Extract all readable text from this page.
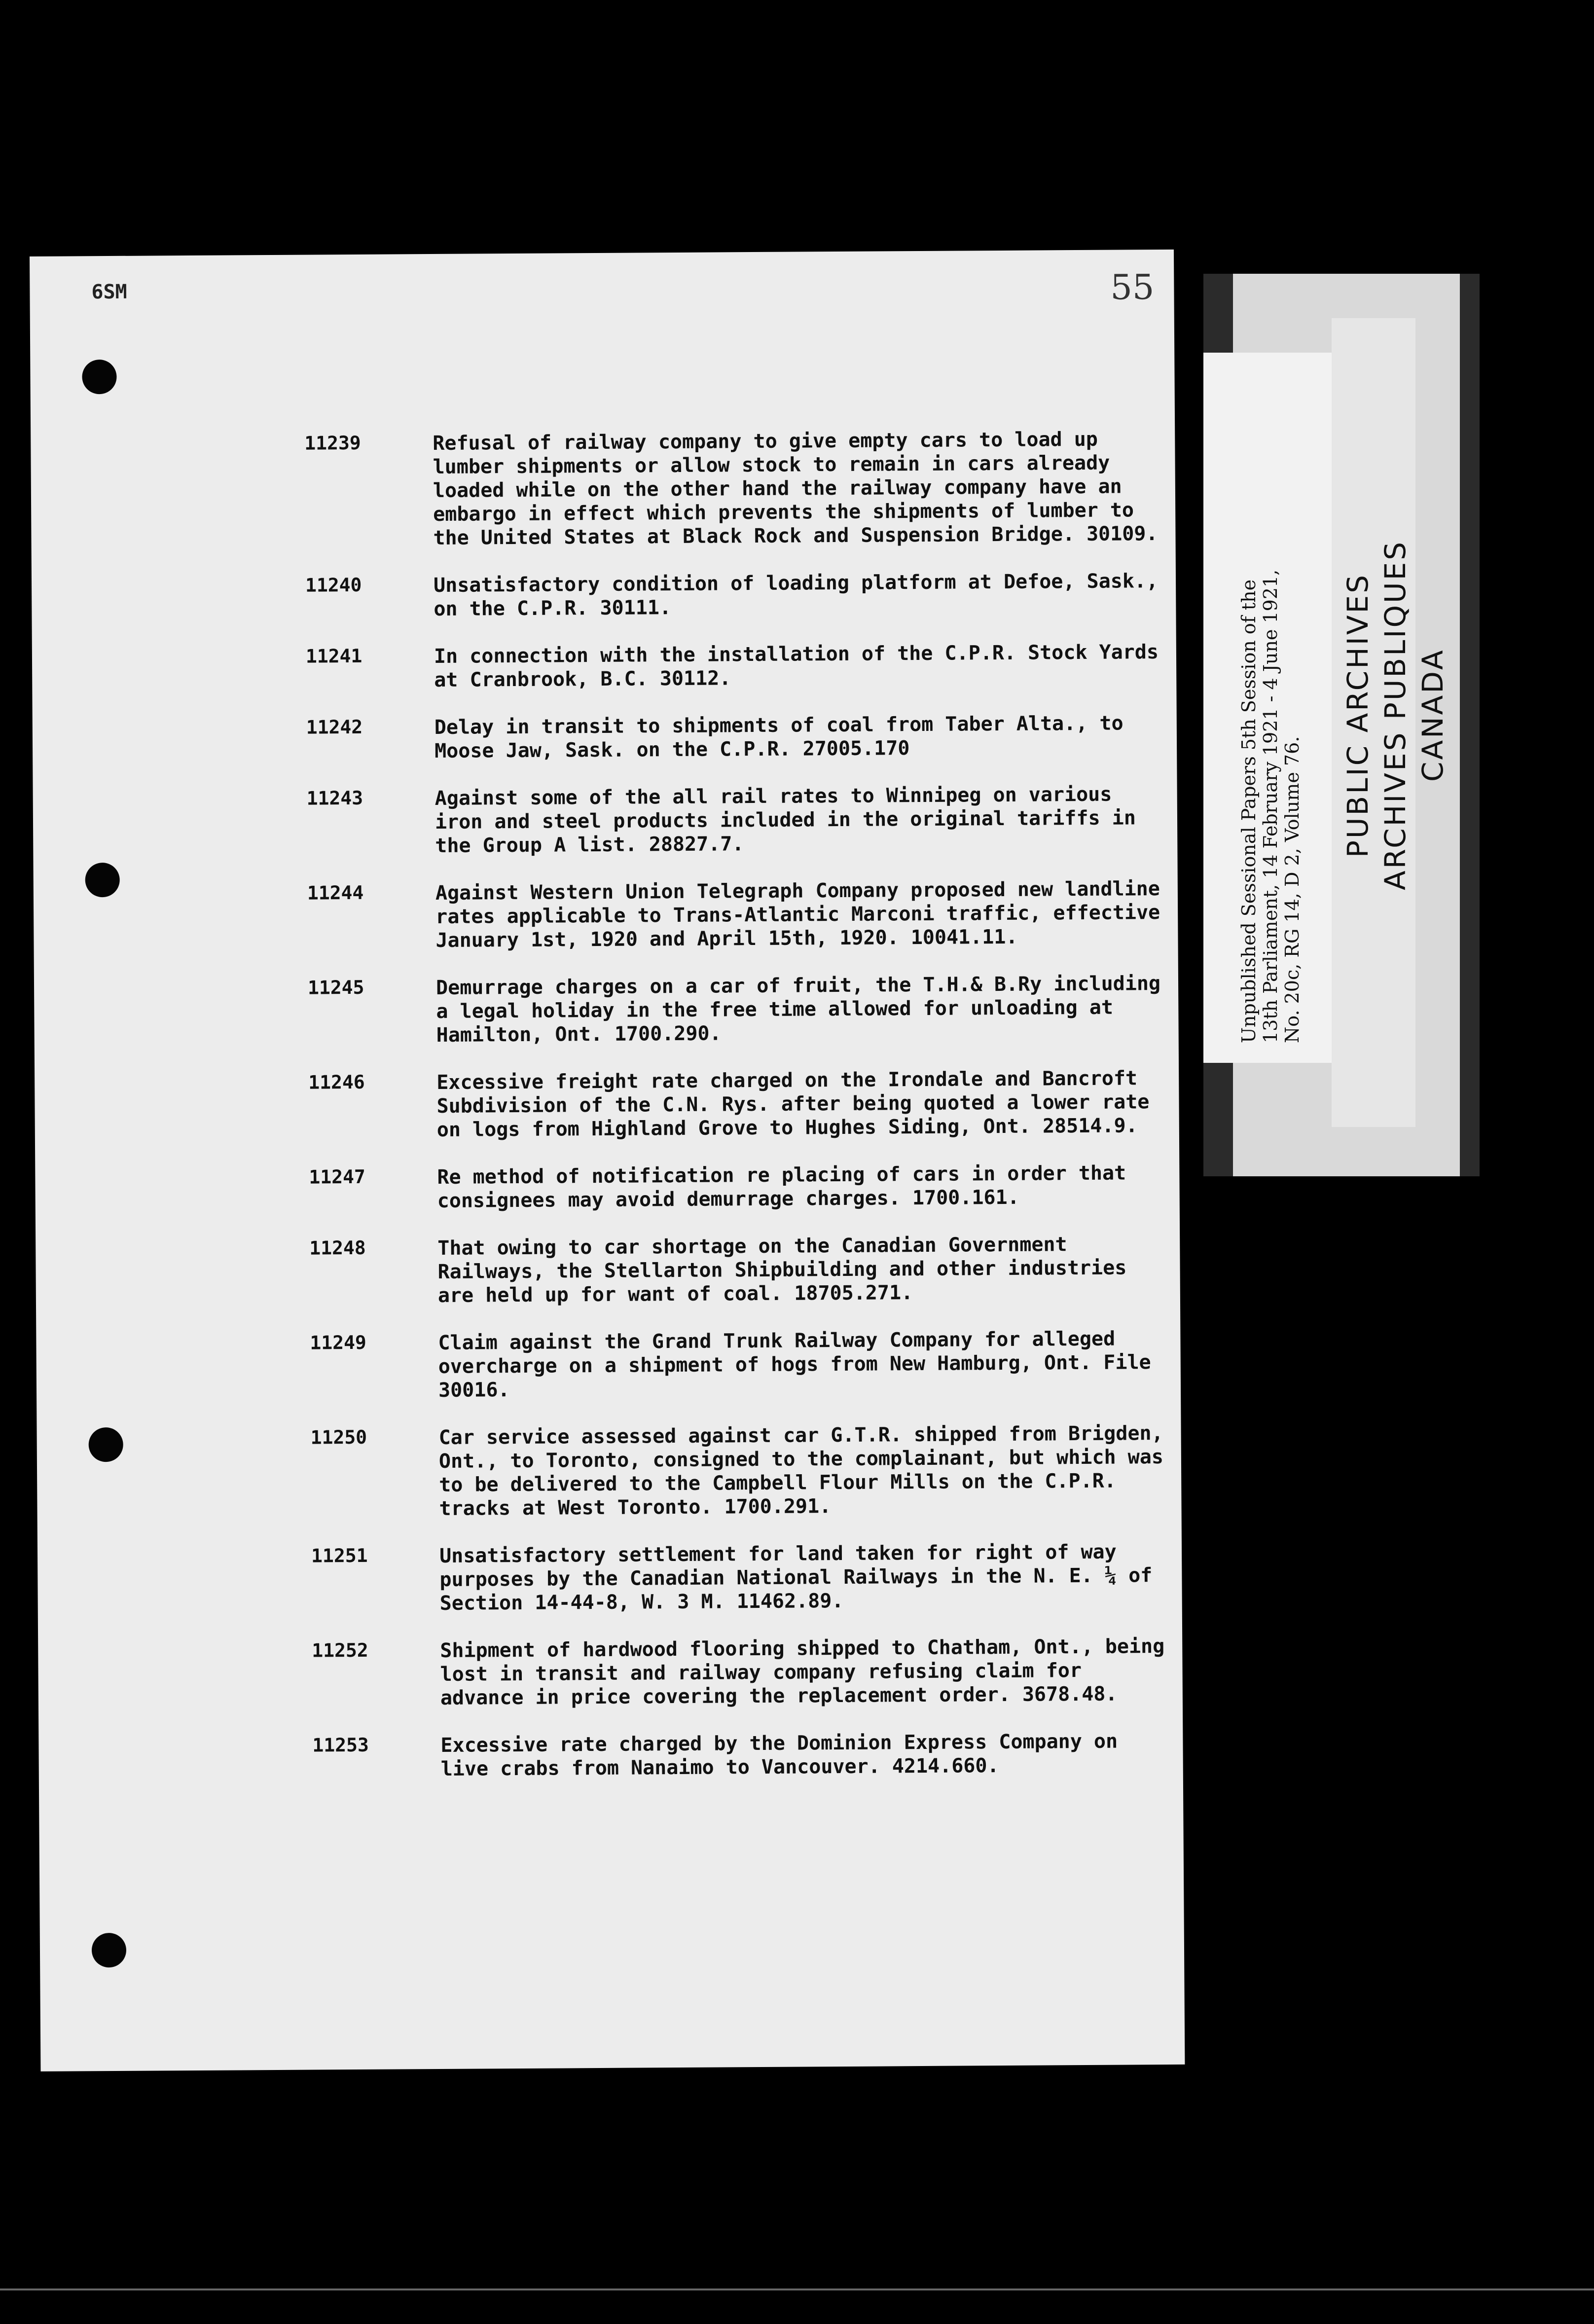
6SM	55
11239	Refusal of railway company to give empty cars to load up lumber shipments or allow stock to remain in cars already loaded while on the other hand the railway company have an embargo in effect which prevents the shipments of lumber to the United States at Black Rock and Suspension Bridge. 30109.
11240	Unsatisfactory condition of loading platform at Defoe, Sask., on the C.P.R. 30111.
11241	In connection with the installation of the C.P.R. Stock Yards at Cranbrook, B.C. 30112.
11242	Delay in transit to shipments of coal from Taber Alta., to Moose Jaw, Sask. on the C.P.R. 27005.170
11243	Against some of the all rail rates to Winnipeg on various iron and steel products included in the original tariffs in the Group A list. 28827.7.
11244	Against Western Union Telegraph Company proposed new landline rates applicable to Trans-Atlantic Marconi traffic, effective January 1st, 1920 and April 15th, 1920. 10041.11.
11245	Demurrage charges on a car of fruit, the T.H.& B.Ry including a legal holiday in the free time allowed for unloading at Hamilton, Ont. 1700.290.
11246	Excessive freight rate charged on the Irondale and Bancroft Subdivision of the C.N. Rys. after being quoted a lower rate on logs from Highland Grove to Hughes Siding, Ont. 28514.9.
11247	Re method of notification re placing of cars in order that consignees may avoid demurrage charges. 1700.161.
11248	That owing to car shortage on the Canadian Government Railways, the Stellarton Shipbuilding and other industries are held up for want of coal. 18705.271.
11249	Claim against the Grand Trunk Railway Company for alleged overcharge on a shipment of hogs from New Hamburg, Ont. File 30016.
11250	Car service assessed against car G.T.R. shipped from Brigden, Ont., to Toronto, consigned to the complainant, but which was to be delivered to the Campbell Flour Mills on the C.P.R. tracks at West Toronto. 1700.291.
11251	Unsatisfactory settlement for land taken for right of way purposes by the Canadian National Railways in the N. E. ¼ of Section 14-44-8, W. 3 M. 11462.89.
11252	Shipment of hardwood flooring shipped to Chatham, Ont., being lost in transit and railway company refusing claim for advance in price covering the replacement order. 3678.48.
11253	Excessive rate charged by the Dominion Express Company on live crabs from Nanaimo to Vancouver. 4214.660.
Unpublished Sessional Papers 5th Session of the 13th Parliament, 14 February 1921 - 4 June 1921, No. 20c, RG 14, D 2, Volume 76.
PUBLIC ARCHIVES ARCHIVES PUBLIQUES CANADA
